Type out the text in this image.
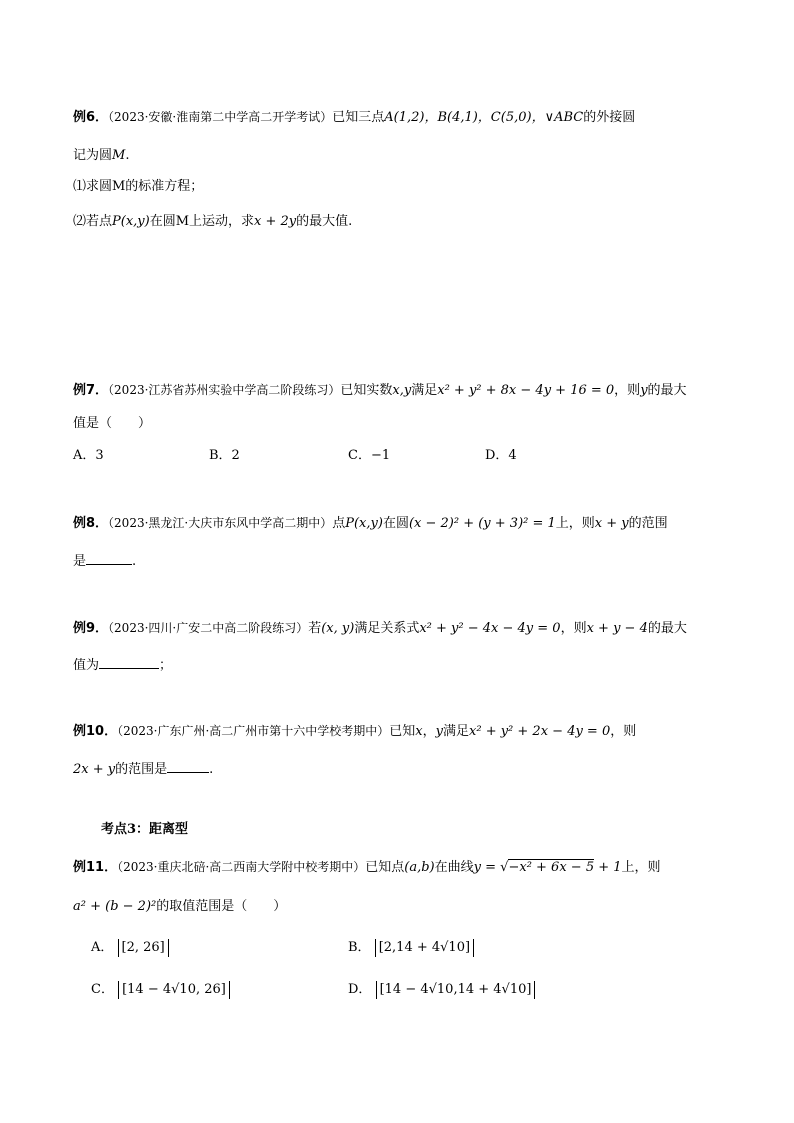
例6．（2023·安徽·淮南第二中学高二开学考试）已知三点A(1,2)，B(4,1)，C(5,0)，∨ABC的外接圆
记为圆M.
⑴求圆M的标准方程；
⑵若点P(x,y)在圆M上运动，求x + 2y的最大值.
例7．（2023·江苏省苏州实验中学高二阶段练习）已知实数x,y满足x² + y² + 8x − 4y + 16 = 0，则y的最大
值是（　　）
A．3	B．2	C．−1	D．4
例8．（2023·黑龙江·大庆市东风中学高二期中）点P(x,y)在圆(x − 2)² + (y + 3)² = 1上，则x + y的范围
是	.
例9．（2023·四川·广安二中高二阶段练习）若(x, y)满足关系式x² + y² − 4x − 4y = 0，则x + y − 4的最大
值为	；
例10．（2023·广东广州·高二广州市第十六中学校考期中）已知x，y满足x² + y² + 2x − 4y = 0，则
2x + y的范围是	.
考点3：距离型
例11．（2023·重庆北碚·高二西南大学附中校考期中）已知点(a,b)在曲线y = √−x² + 6x − 5 + 1上，则
a² + (b − 2)²的取值范围是（　　）
A． [2, 26]	B． [2,14 + 4√10]
C． [14 − 4√10, 26]	D． [14 − 4√10,14 + 4√10]
